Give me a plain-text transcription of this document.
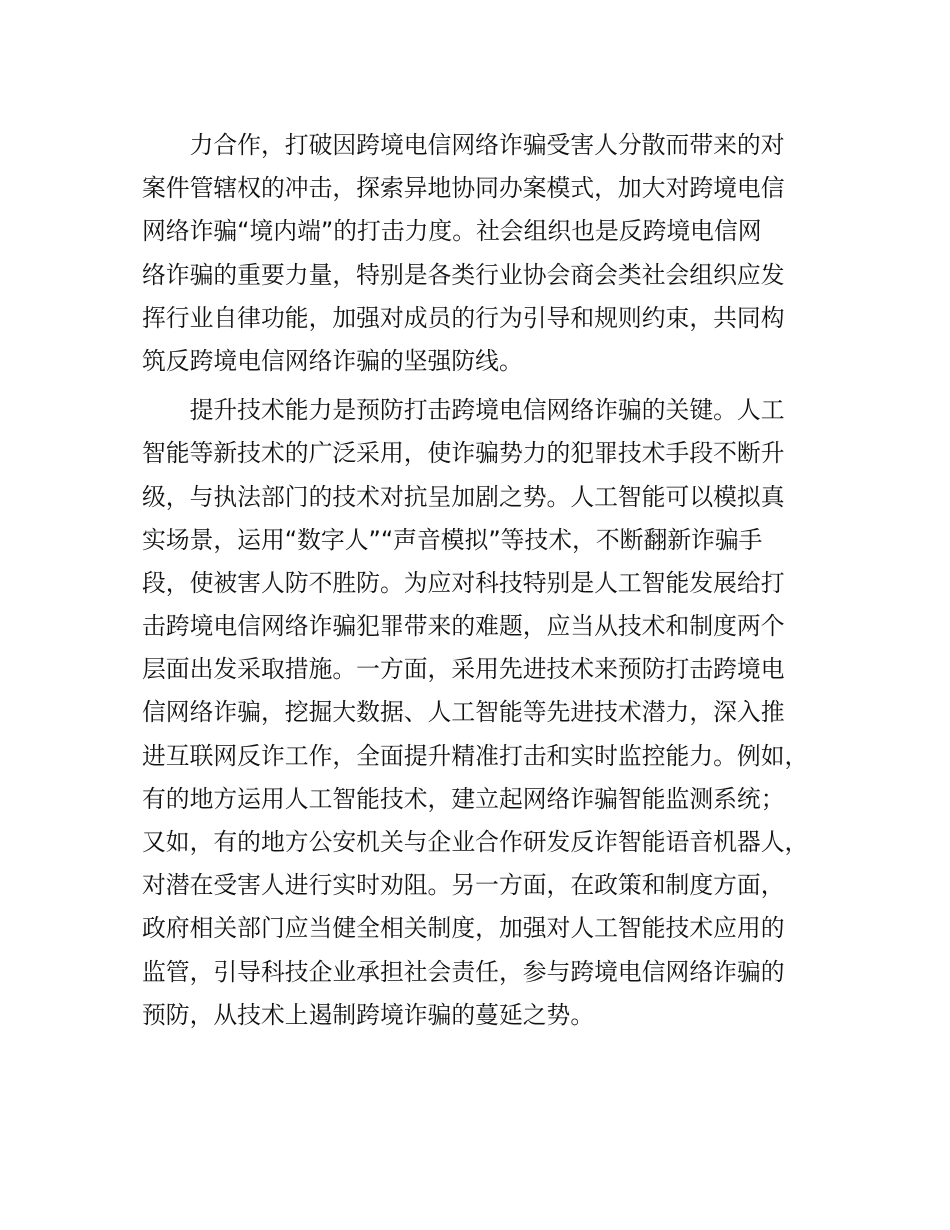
力合作，打破因跨境电信网络诈骗受害人分散而带来的对
案件管辖权的冲击，探索异地协同办案模式，加大对跨境电信
网络诈骗“境内端”的打击力度。社会组织也是反跨境电信网
络诈骗的重要力量，特别是各类行业协会商会类社会组织应发
挥行业自律功能，加强对成员的行为引导和规则约束，共同构
筑反跨境电信网络诈骗的坚强防线。
提升技术能力是预防打击跨境电信网络诈骗的关键。人工
智能等新技术的广泛采用，使诈骗势力的犯罪技术手段不断升
级，与执法部门的技术对抗呈加剧之势。人工智能可以模拟真
实场景，运用“数字人”“声音模拟”等技术，不断翻新诈骗手
段，使被害人防不胜防。为应对科技特别是人工智能发展给打
击跨境电信网络诈骗犯罪带来的难题，应当从技术和制度两个
层面出发采取措施。一方面，采用先进技术来预防打击跨境电
信网络诈骗，挖掘大数据、人工智能等先进技术潜力，深入推
进互联网反诈工作，全面提升精准打击和实时监控能力。例如，
有的地方运用人工智能技术，建立起网络诈骗智能监测系统；
又如，有的地方公安机关与企业合作研发反诈智能语音机器人，
对潜在受害人进行实时劝阻。另一方面，在政策和制度方面，
政府相关部门应当健全相关制度，加强对人工智能技术应用的
监管，引导科技企业承担社会责任，参与跨境电信网络诈骗的
预防，从技术上遏制跨境诈骗的蔓延之势。
